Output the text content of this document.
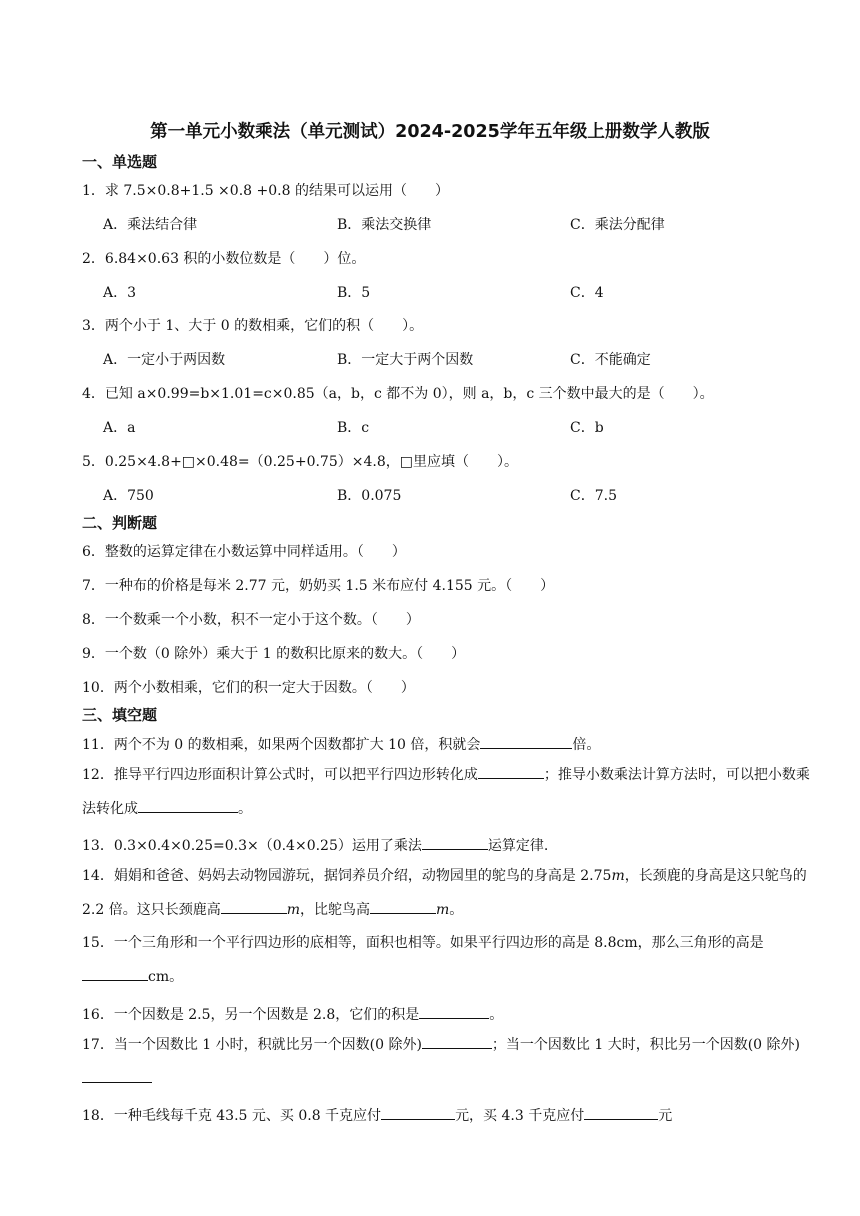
第一单元小数乘法（单元测试）2024-2025学年五年级上册数学人教版
一、单选题
1．求 7.5×0.8+1.5 ×0.8 +0.8 的结果可以运用（　　）
A．乘法结合律	B．乘法交换律	C．乘法分配律
2．6.84×0.63 积的小数位数是（　　）位。
A．3	B．5	C．4
3．两个小于 1、大于 0 的数相乘，它们的积（　　）。
A．一定小于两因数	B．一定大于两个因数	C．不能确定
4．已知 a×0.99=b×1.01=c×0.85（a，b，c 都不为 0），则 a，b，c 三个数中最大的是（　　）。
A．a	B．c	C．b
5．0.25×4.8+□×0.48=（0.25+0.75）×4.8，□里应填（　　）。
A．750	B．0.075	C．7.5
二、判断题
6．整数的运算定律在小数运算中同样适用。（　　）
7．一种布的价格是每米 2.77 元，奶奶买 1.5 米布应付 4.155 元。（　　）
8．一个数乘一个小数，积不一定小于这个数。（　　）
9．一个数（0 除外）乘大于 1 的数积比原来的数大。（　　）
10．两个小数相乘，它们的积一定大于因数。（　　）
三、填空题
11．两个不为 0 的数相乘，如果两个因数都扩大 10 倍，积就会	倍。
12．推导平行四边形面积计算公式时，可以把平行四边形转化成	；推导小数乘法计算方法时，可以把小数乘法转化成	。
13．0.3×0.4×0.25=0.3×（0.4×0.25）运用了乘法	运算定律.
14．娟娟和爸爸、妈妈去动物园游玩，据饲养员介绍，动物园里的鸵鸟的身高是 2.75m，长颈鹿的身高是这只鸵鸟的 2.2 倍。这只长颈鹿高	m，比鸵鸟高	m。
15．一个三角形和一个平行四边形的底相等，面积也相等。如果平行四边形的高是 8.8cm，那么三角形的高是cm。
16．一个因数是 2.5，另一个因数是 2.8，它们的积是	。
17．当一个因数比 1 小时，积就比另一个因数(0 除外)	；当一个因数比 1 大时，积比另一个因数(0 除外)
18．一种毛线每千克 43.5 元、买 0.8 千克应付	元，买 4.3 千克应付	元
